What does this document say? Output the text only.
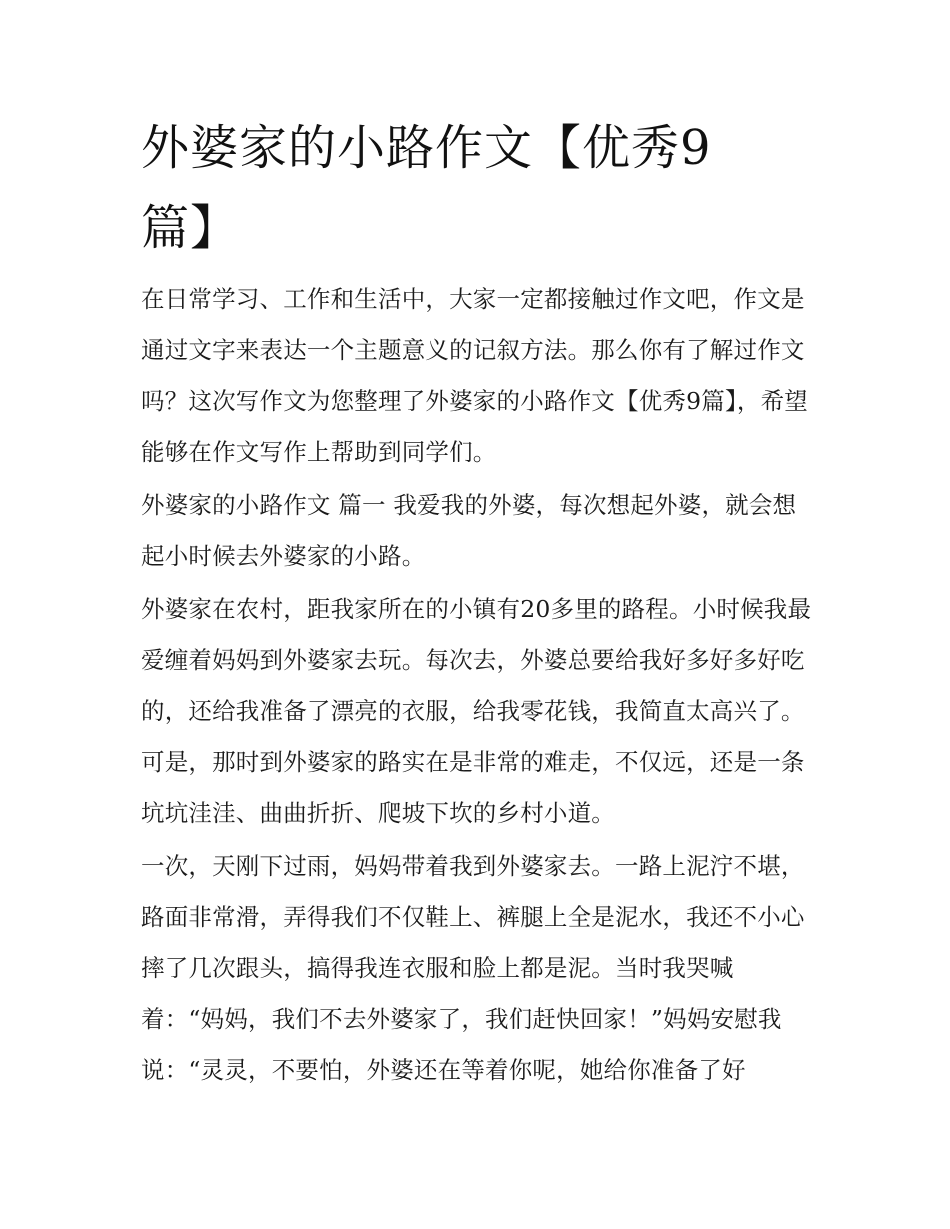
外婆家的小路作文【优秀9篇】

在日常学习、工作和生活中，大家一定都接触过作文吧，作文是通过文字来表达一个主题意义的记叙方法。那么你有了解过作文吗？这次写作文为您整理了外婆家的小路作文【优秀9篇】，希望能够在作文写作上帮助到同学们。

外婆家的小路作文 篇一 我爱我的外婆，每次想起外婆，就会想起小时候去外婆家的小路。

外婆家在农村，距我家所在的小镇有20多里的路程。小时候我最爱缠着妈妈到外婆家去玩。每次去，外婆总要给我好多好多好吃的，还给我准备了漂亮的衣服，给我零花钱，我简直太高兴了。可是，那时到外婆家的路实在是非常的难走，不仅远，还是一条坑坑洼洼、曲曲折折、爬坡下坎的乡村小道。

一次，天刚下过雨，妈妈带着我到外婆家去。一路上泥泞不堪，路面非常滑，弄得我们不仅鞋上、裤腿上全是泥水，我还不小心摔了几次跟头，搞得我连衣服和脸上都是泥。当时我哭喊着：“妈妈，我们不去外婆家了，我们赶快回家！”妈妈安慰我说：“灵灵，不要怕，外婆还在等着你呢，她给你准备了好
